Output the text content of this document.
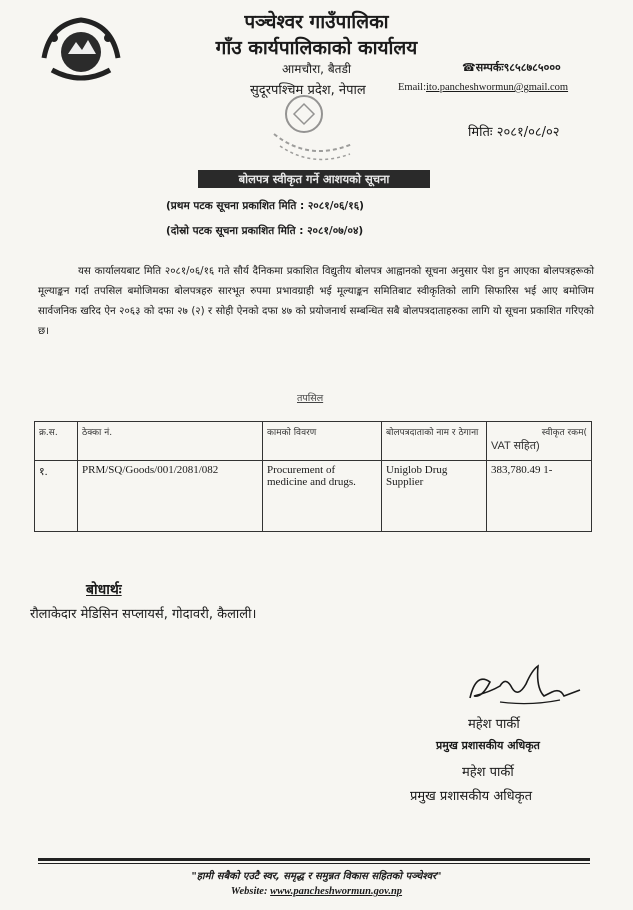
पञ्चेश्वर गाउँपालिका
गाँउ कार्यपालिकाको कार्यालय
आमचौरा, बैतडी
सुदूरपश्चिम प्रदेश, नेपाल
☎सम्पर्कः९८५८७८५०००
Email:ito.pancheshwormun@gmail.com
मितिः २०८१/०८/०२
बोलपत्र स्वीकृत गर्ने आशयको सूचना
(प्रथम पटक सूचना प्रकाशित मिति : २०८१/०६/१६)
(दोस्रो पटक सूचना प्रकाशित मिति : २०८१/०७/०४)
यस कार्यालयबाट मिति २०८१/०६/१६ गते सौर्य दैनिकमा प्रकाशित विद्युतीय बोलपत्र आह्वानको सूचना अनुसार पेश हुन आएका बोलपत्रहरूको मूल्याङ्कन गर्दा तपसिल बमोजिमका बोलपत्रहरु सारभूत रुपमा प्रभावग्राही भई मूल्याङ्कन समितिबाट स्वीकृतिको लागि सिफारिस भई आए बमोजिम सार्वजनिक खरिद ऐन २०६३ को दफा २७ (२) र सोही ऐनको दफा ४७ को प्रयोजनार्थ सम्बन्धित सबै बोलपत्रदाताहरुका लागि यो सूचना प्रकाशित गरिएको छ।
तपसिल
क्र.स.	ठेक्का नं.	कामको विवरण	बोलपत्रदाताको नाम र ठेगाना	स्वीकृत रकम(
VAT सहित)

१.	PRM/SQ/Goods/001/2081/082	Procurement of medicine and drugs.	Uniglob Drug Supplier	383,780.49 1-
बोधार्थः
रौलाकेदार मेडिसिन सप्लायर्स, गोदावरी, कैलाली।
महेश पार्की
प्रमुख प्रशासकीय अधिकृत
महेश पार्की
प्रमुख प्रशासकीय अधिकृत
"हामी सबैको एउटै स्वर, समृद्ध र समुन्नत विकास सहितको पञ्चेश्वर"
Website: www.pancheshwormun.gov.np
